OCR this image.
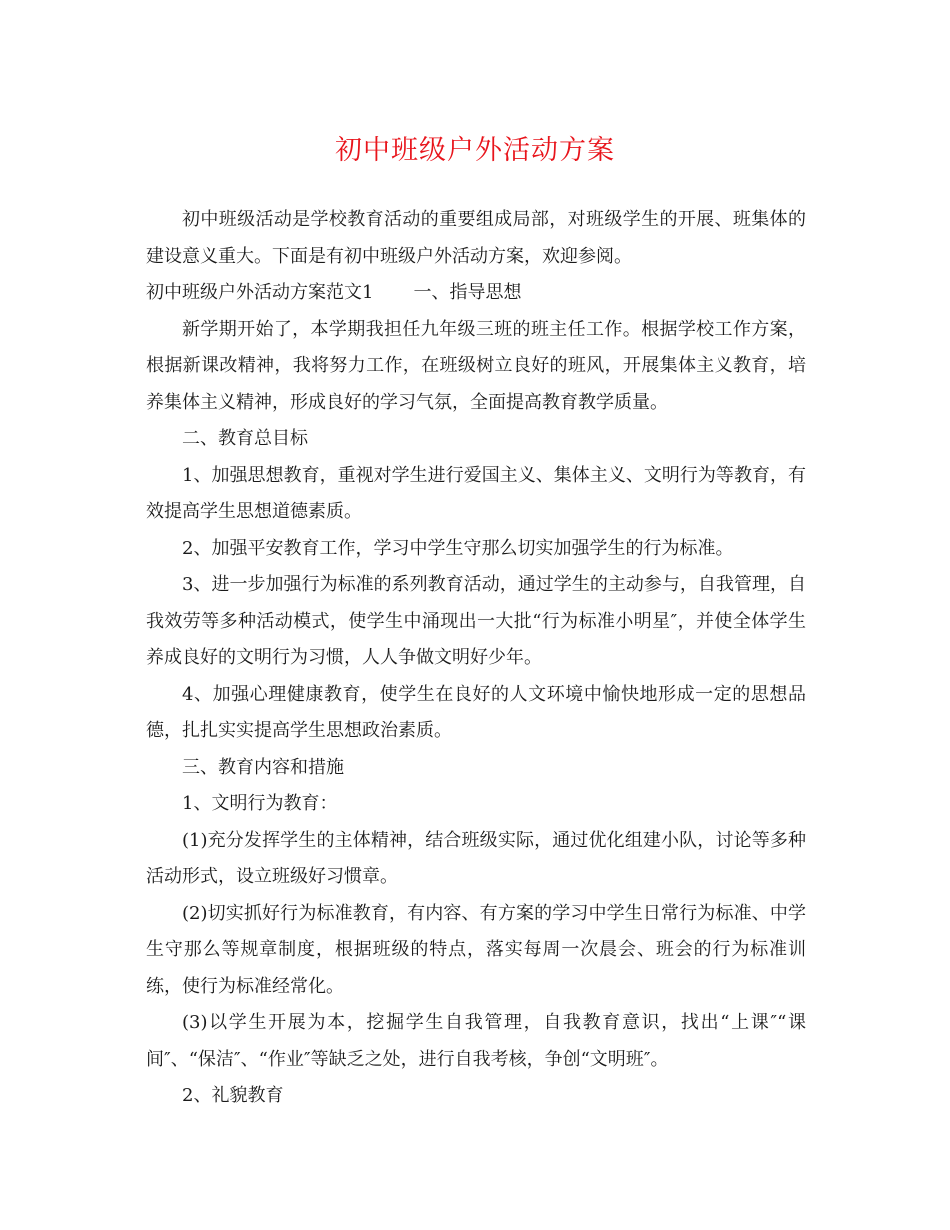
初中班级户外活动方案

初中班级活动是学校教育活动的重要组成局部，对班级学生的开展、班集体的建设意义重大。下面是有初中班级户外活动方案，欢迎参阅。

初中班级户外活动方案范文1 一、指导思想

新学期开始了，本学期我担任九年级三班的班主任工作。根据学校工作方案，根据新课改精神，我将努力工作，在班级树立良好的班风，开展集体主义教育，培养集体主义精神，形成良好的学习气氛，全面提高教育教学质量。

二、教育总目标

1、加强思想教育，重视对学生进行爱国主义、集体主义、文明行为等教育，有效提高学生思想道德素质。

2、加强平安教育工作，学习中学生守那么切实加强学生的行为标准。

3、进一步加强行为标准的系列教育活动，通过学生的主动参与，自我管理，自我效劳等多种活动模式，使学生中涌现出一大批“行为标准小明星″，并使全体学生养成良好的文明行为习惯，人人争做文明好少年。

4、加强心理健康教育，使学生在良好的人文环境中愉快地形成一定的思想品德，扎扎实实提高学生思想政治素质。

三、教育内容和措施

1、文明行为教育：

(1)充分发挥学生的主体精神，结合班级实际，通过优化组建小队，讨论等多种活动形式，设立班级好习惯章。

(2)切实抓好行为标准教育，有内容、有方案的学习中学生日常行为标准、中学生守那么等规章制度，根据班级的特点，落实每周一次晨会、班会的行为标准训练，使行为标准经常化。

(3)以学生开展为本，挖掘学生自我管理，自我教育意识，找出“上课″“课间″、“保洁″、“作业″等缺乏之处，进行自我考核，争创“文明班″。

2、礼貌教育
